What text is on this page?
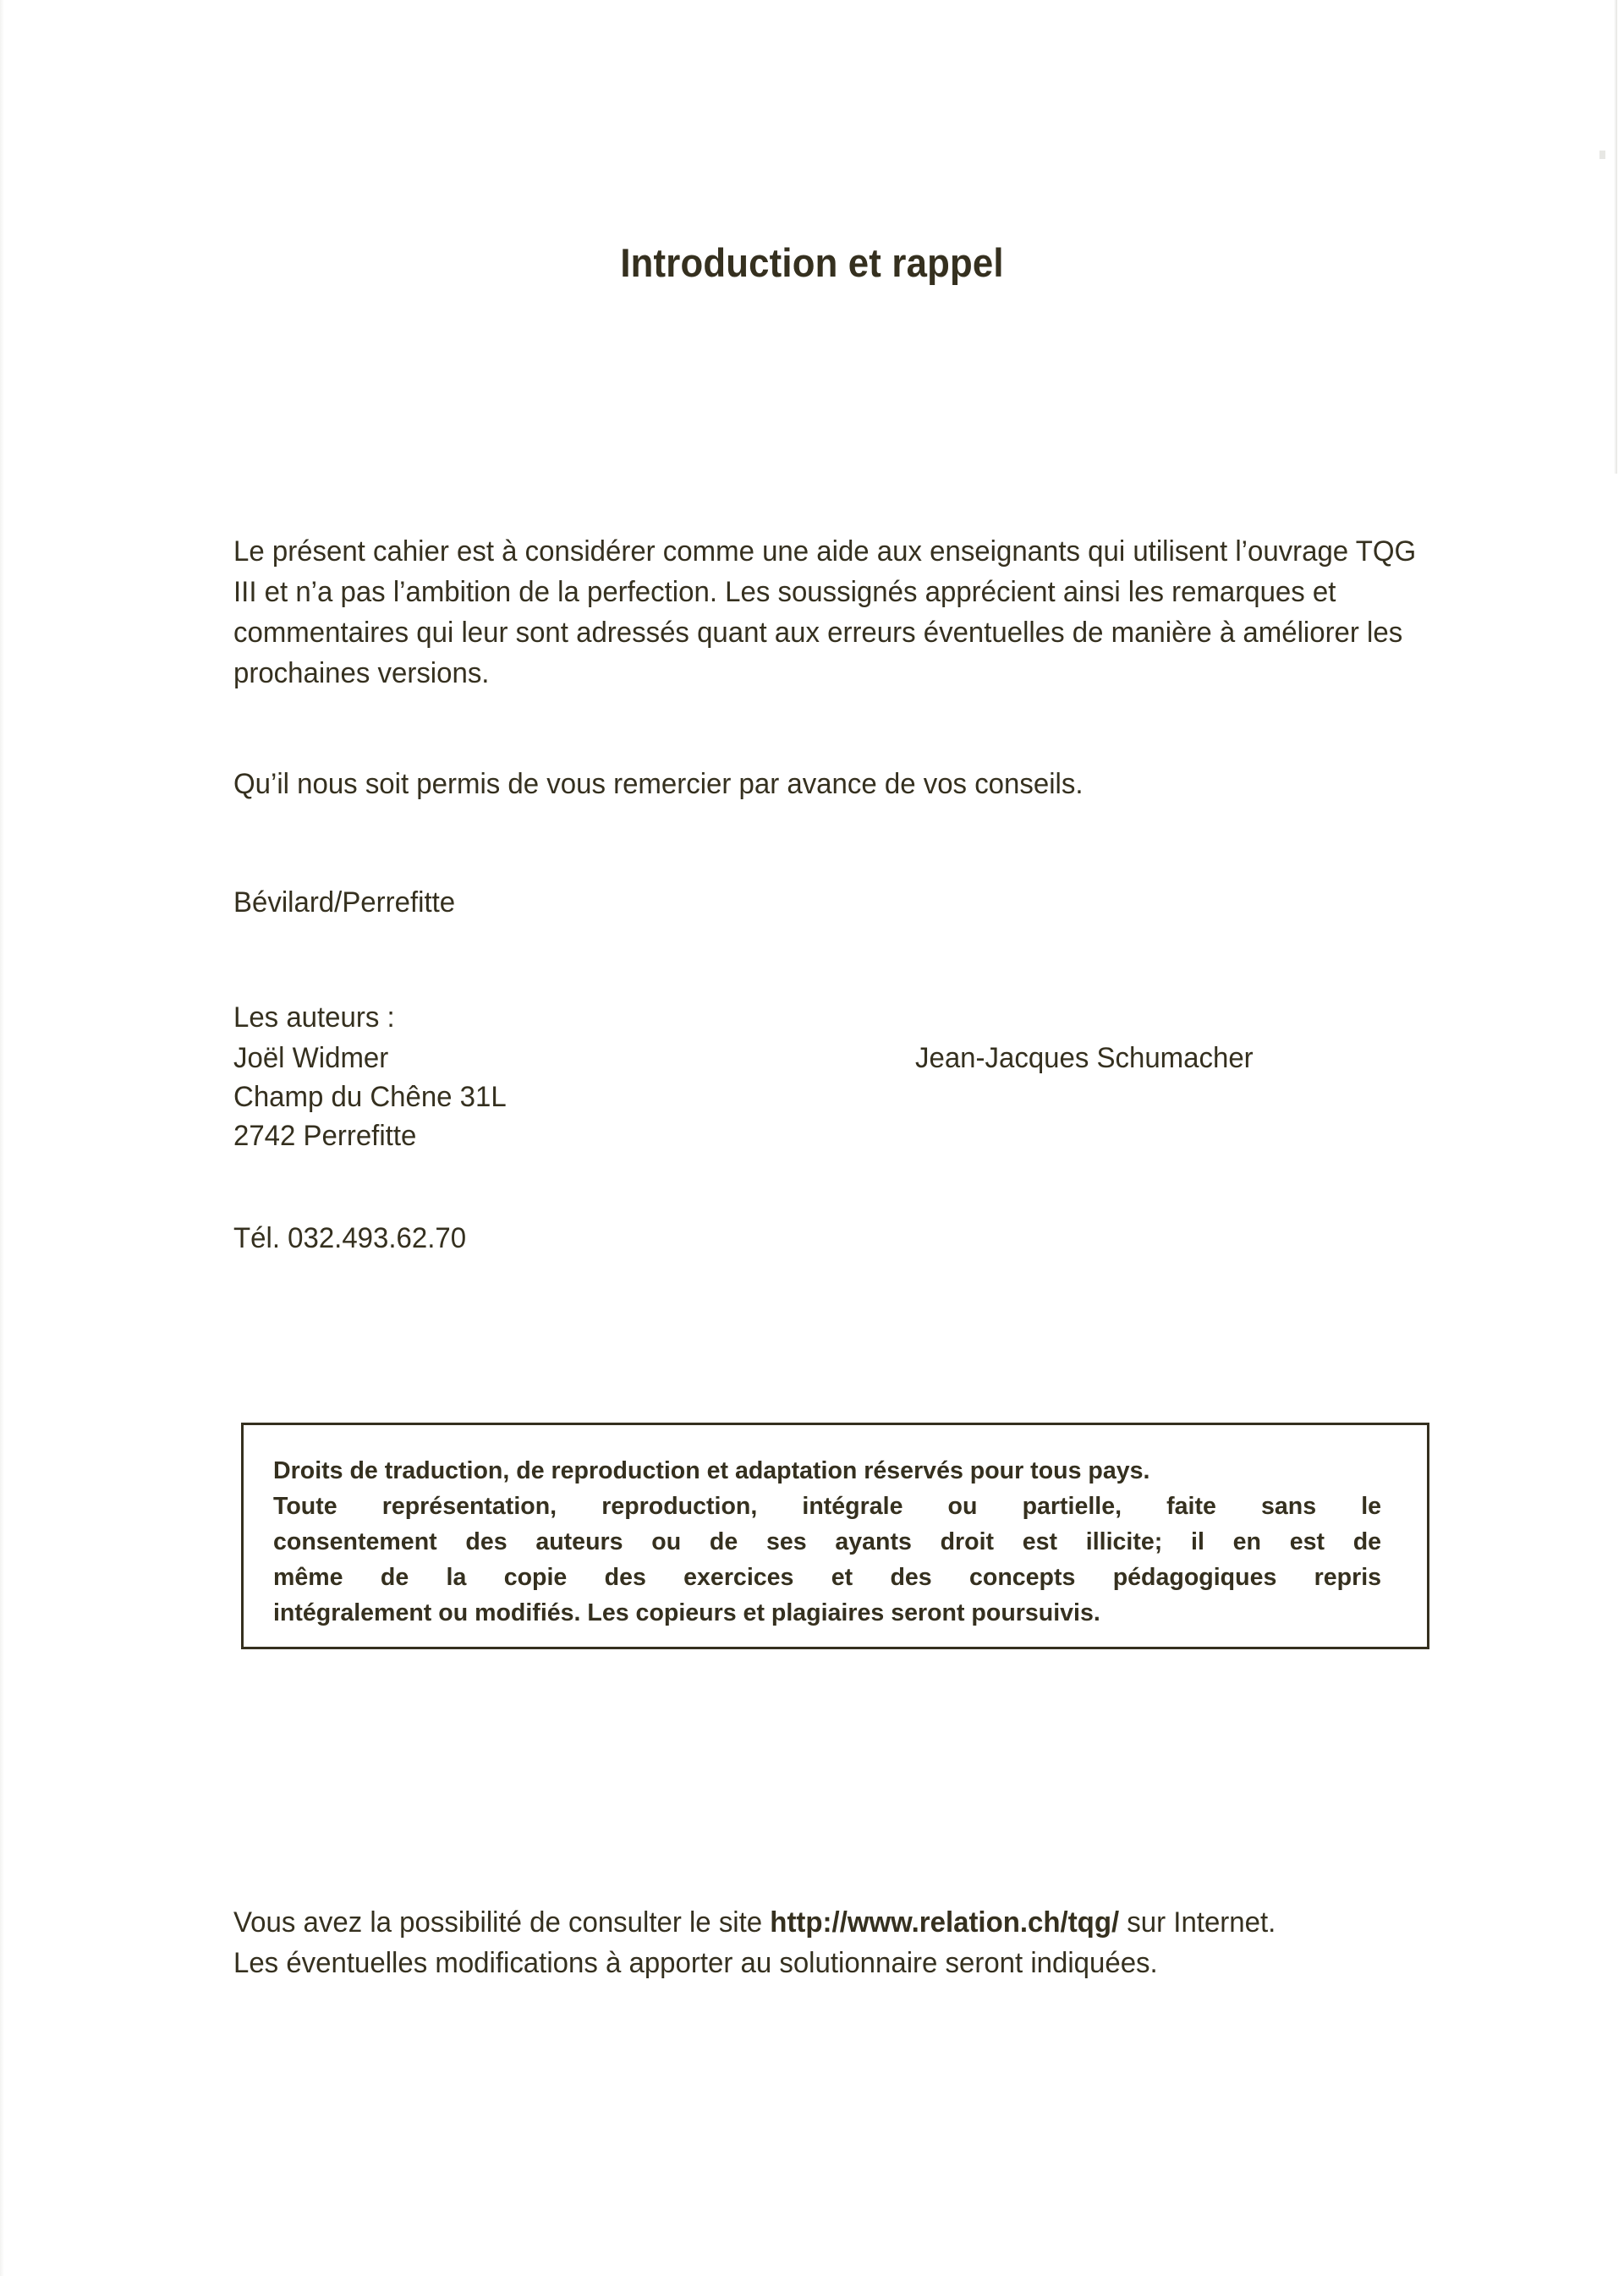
Introduction et rappel

Le présent cahier est à considérer comme une aide aux enseignants qui utilisent l’ouvrage TQG III et n’a pas l’ambition de la perfection. Les soussignés apprécient ainsi les remarques et commentaires qui leur sont adressés quant aux erreurs éventuelles de manière à améliorer les prochaines versions.

Qu’il nous soit permis de vous remercier par avance de vos conseils.

Bévilard/Perrefitte

Les auteurs :

Joël Widmer
Champ du Chêne 31L
2742 Perrefitte
Jean-Jacques Schumacher

Tél. 032.493.62.70

Droits de traduction, de reproduction et adaptation réservés pour tous pays.
Toute représentation, reproduction, intégrale ou partielle, faite sans le
consentement des auteurs ou de ses ayants droit est illicite; il en est de
même de la copie des exercices et des concepts pédagogiques repris
intégralement ou modifiés. Les copieurs et plagiaires seront poursuivis.
Vous avez la possibilité de consulter le site http://www.relation.ch/tqg/ sur Internet.
Les éventuelles modifications à apporter au solutionnaire seront indiquées.
